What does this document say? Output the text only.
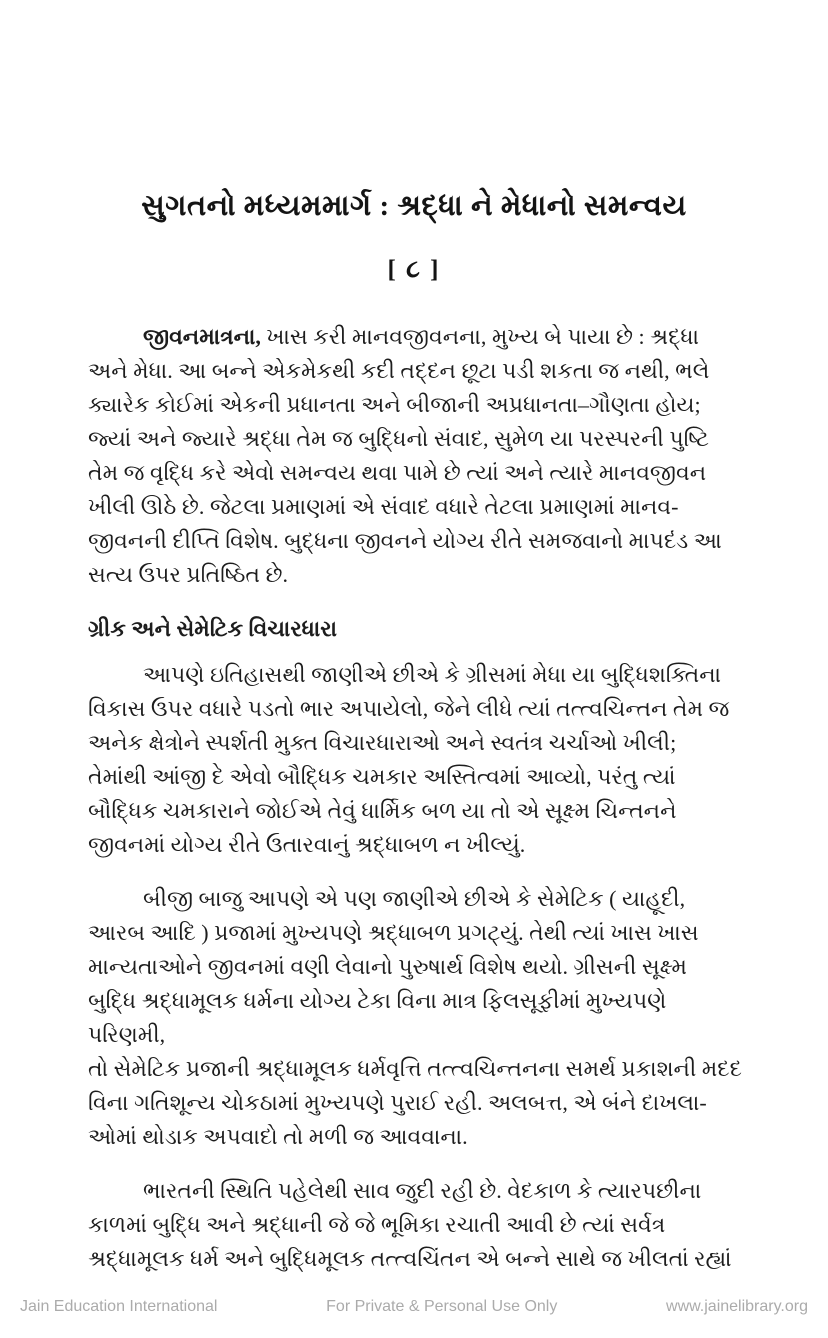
સુગતનો મધ્યમમાર્ગ : શ્રદ્ધા ને મેધાનો સમન્વય
[ ૮ ]
જીવનમાત્રના, ખાસ કરી માનવજીવનના, મુખ્ય બે પાયા છે : શ્રદ્ધા
અને મેધા. આ બન્ને એકમેકથી કદી તદ્દન છૂટા પડી શકતા જ નથી, ભલે
ક્યારેક કોઈમાં એકની પ્રધાનતા અને બીજાની અપ્રધાનતા–ગૌણતા હોય;
જ્યાં અને જ્યારે શ્રદ્ધા તેમ જ બુદ્ધિનો સંવાદ, સુમેળ યા પરસ્પરની પુષ્ટિ
તેમ જ વૃદ્ધિ કરે એવો સમન્વય થવા પામે છે ત્યાં અને ત્યારે માનવજીવન
ખીલી ઊઠે છે. જેટલા પ્રમાણમાં એ સંવાદ વધારે તેટલા પ્રમાણમાં માનવ-
જીવનની દીપ્તિ વિશેષ. બુદ્ધના જીવનને યોગ્ય રીતે સમજવાનો માપદંડ આ
સત્ય ઉપર પ્રતિષ્ઠિત છે.
ગ્રીક અને સેમેટિક વિચારધારા
આપણે ઇતિહાસથી જાણીએ છીએ કે ગ્રીસમાં મેધા યા બુદ્ધિશક્તિના
વિકાસ ઉપર વધારે પડતો ભાર અપાયેલો, જેને લીધે ત્યાં તત્ત્વચિન્તન તેમ જ
અનેક ક્ષેત્રોને સ્પર્શતી મુક્ત વિચારધારાઓ અને સ્વતંત્ર ચર્ચાઓ ખીલી;
તેમાંથી આંજી દે એવો બૌદ્ધિક ચમકાર અસ્તિત્વમાં આવ્યો, પરંતુ ત્યાં
બૌદ્ધિક ચમકારાને જોઈએ તેવું ધાર્મિક બળ યા તો એ સૂક્ષ્મ ચિન્તનને
જીવનમાં યોગ્ય રીતે ઉતારવાનું શ્રદ્ધાબળ ન ખીલ્યું.
બીજી બાજુ આપણે એ પણ જાણીએ છીએ કે સેમેટિક ( યાહૂદી,
આરબ આદિ ) પ્રજામાં મુખ્યપણે શ્રદ્ધાબળ પ્રગટ્યું. તેથી ત્યાં ખાસ ખાસ
માન્યતાઓને જીવનમાં વણી લેવાનો પુરુષાર્થ વિશેષ થયો. ગ્રીસની સૂક્ષ્મ
બુદ્ધિ શ્રદ્ધામૂલક ધર્મના યોગ્ય ટેકા વિના માત્ર ફિલસૂફીમાં મુખ્યપણે પરિણમી,
તો સેમેટિક પ્રજાની શ્રદ્ધામૂલક ધર્મવૃત્તિ તત્ત્વચિન્તનના સમર્થ પ્રકાશની મદદ
વિના ગતિશૂન્ય ચોકઠામાં મુખ્યપણે પુરાઈ રહી. અલબત્ત, એ બંને દાખલા-
ઓમાં થોડાક અપવાદો તો મળી જ આવવાના.
ભારતની સ્થિતિ પહેલેથી સાવ જુદી રહી છે. વેદકાળ કે ત્યારપછીના
કાળમાં બુદ્ધિ અને શ્રદ્ધાની જે જે ભૂમિકા રચાતી આવી છે ત્યાં સર્વત્ર
શ્રદ્ધામૂલક ધર્મ અને બુદ્ધિમૂલક તત્ત્વચિંતન એ બન્ને સાથે જ ખીલતાં રહ્યાં
Jain Education International	For Private & Personal Use Only	www.jainelibrary.org
